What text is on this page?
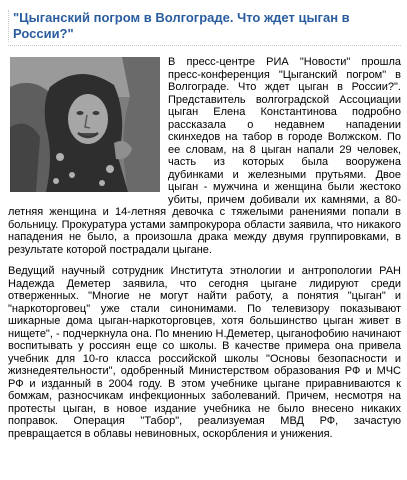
"Цыганский погром в Волгограде. Что ждет цыган в России?"

В пресс-центре РИА "Новости" прошла пресс-конференция "Цыганский погром" в Волгограде. Что ждет цыган в России?". Представитель волгоградской Ассоциации цыган Елена Константинова подробно рассказала о недавнем нападении скинхедов на табор в городе Волжском. По ее словам, на 8 цыган напали 29 человек, часть из которых была вооружена дубинками и железными прутьями. Двое цыган - мужчина и женщина были жестоко убиты, причем добивали их камнями, а 80-летняя женщина и 14-летняя девочка с тяжелыми ранениями попали в больницу. Прокуратура устами зампрокурора области заявила, что никакого нападения не было, а произошла драка между двумя группировками, в результате которой пострадали цыгане.

Ведущий научный сотрудник Института этнологии и антропологии РАН Надежда Деметер заявила, что сегодня цыгане лидируют среди отверженных. "Многие не могут найти работу, а понятия "цыган" и "наркоторговец" уже стали синонимами. По телевизору показывают шикарные дома цыган-наркоторговцев, хотя большинство цыган живет в нищете", - подчеркнула она. По мнению Н.Деметер, цыганофобию начинают воспитывать у россиян еще со школы. В качестве примера она привела учебник для 10-го класса российской школы "Основы безопасности и жизнедеятельности", одобренный Министерством образования РФ и МЧС РФ и изданный в 2004 году. В этом учебнике цыгане приравниваются к бомжам, разносчикам инфекционных заболеваний. Причем, несмотря на протесты цыган, в новое издание учебника не было внесено никаких поправок. Операция "Табор", реализуемая МВД РФ, зачастую превращается в облавы невиновных, оскорбления и унижения.
